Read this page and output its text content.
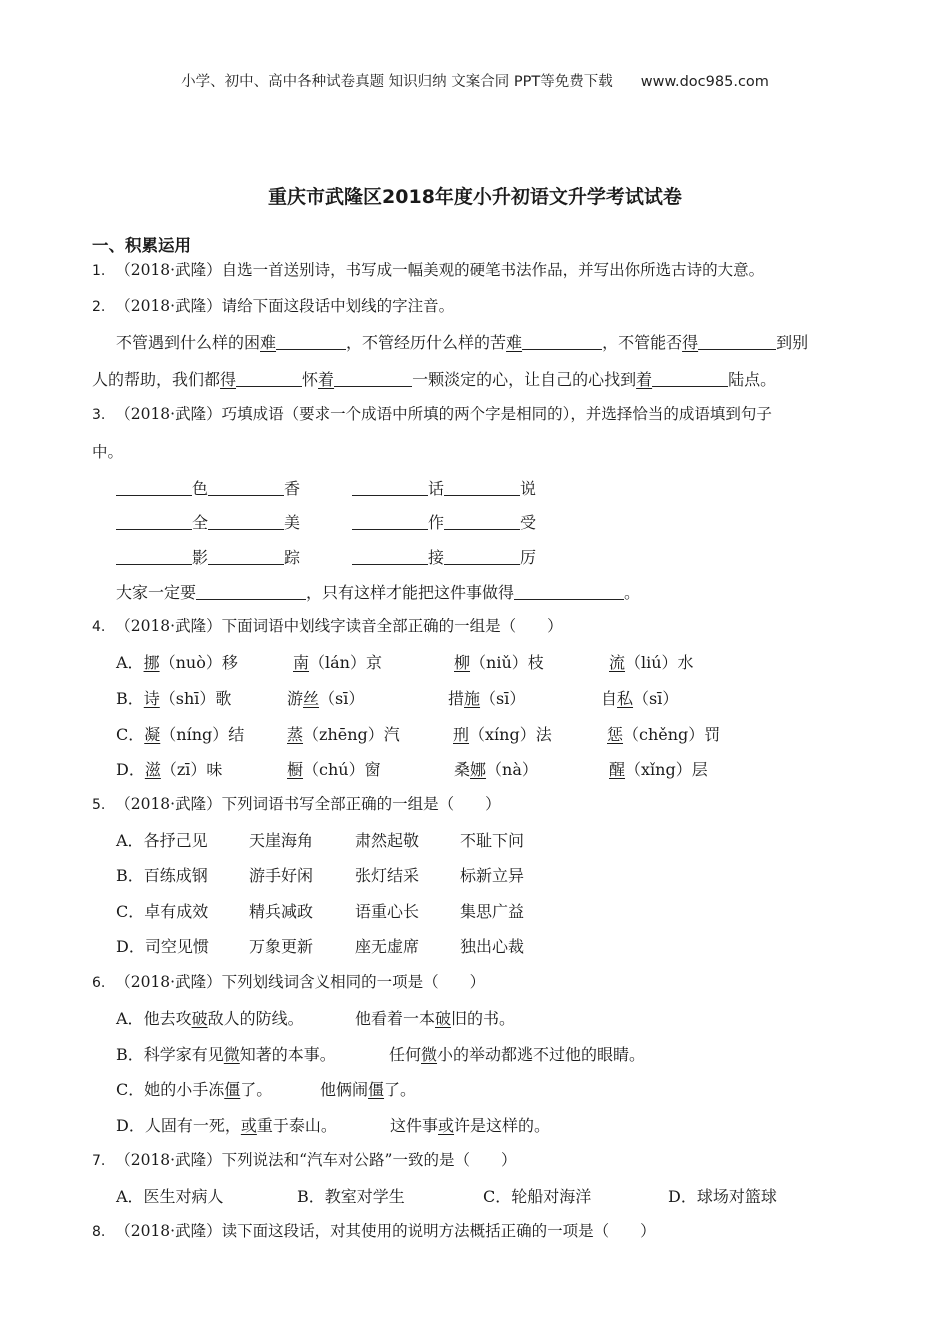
小学、初中、高中各种试卷真题 知识归纳 文案合同 PPT等免费下载 www.doc985.com
重庆市武隆区2018年度小升初语文升学考试试卷
一、积累运用
1. （2018·武隆）自选一首送别诗，书写成一幅美观的硬笔书法作品，并写出你所选古诗的大意。
2. （2018·武隆）请给下面这段话中划线的字注音。
不管遇到什么样的困难	，不管经历什么样的苦难	，不管能否得	到别
人的帮助，我们都得	怀着	一颗淡定的心，让自己的心找到着	陆点。
3. （2018·武隆）巧填成语（要求一个成语中所填的两个字是相同的），并选择恰当的成语填到句子
中。
色	香	话	说
全	美	作	受
影	踪	接	厉
大家一定要	，只有这样才能把这件事做得	。
4. （2018·武隆）下面词语中划线字读音全部正确的一组是（　　）
A．挪（nuò）移	南（lán）京	柳（niǔ）枝	流（liú）水
B．诗（shī）歌	游丝（sī）	措施（sī）	自私（sī）
C．凝（níng）结	蒸（zhēng）汽	刑（xíng）法	惩（chěng）罚
D．滋（zī）味	橱（chú）窗	桑娜（nà）	醒（xǐng）层
5. （2018·武隆）下列词语书写全部正确的一组是（　　）
A．各抒己见	天崖海角	肃然起敬	不耻下问
B．百练成钢	游手好闲	张灯结采	标新立异
C．卓有成效	精兵减政	语重心长	集思广益
D．司空见惯	万象更新	座无虚席	独出心裁
6. （2018·武隆）下列划线词含义相同的一项是（　　）
A．他去攻破敌人的防线。	他看着一本破旧的书。
B．科学家有见微知著的本事。	任何微小的举动都逃不过他的眼睛。
C．她的小手冻僵了。	他俩闹僵了。
D．人固有一死，或重于泰山。	这件事或许是这样的。
7. （2018·武隆）下列说法和“汽车对公路”一致的是（　　）
A．医生对病人	B．教室对学生	C．轮船对海洋	D．球场对篮球
8. （2018·武隆）读下面这段话，对其使用的说明方法概括正确的一项是（　　）
